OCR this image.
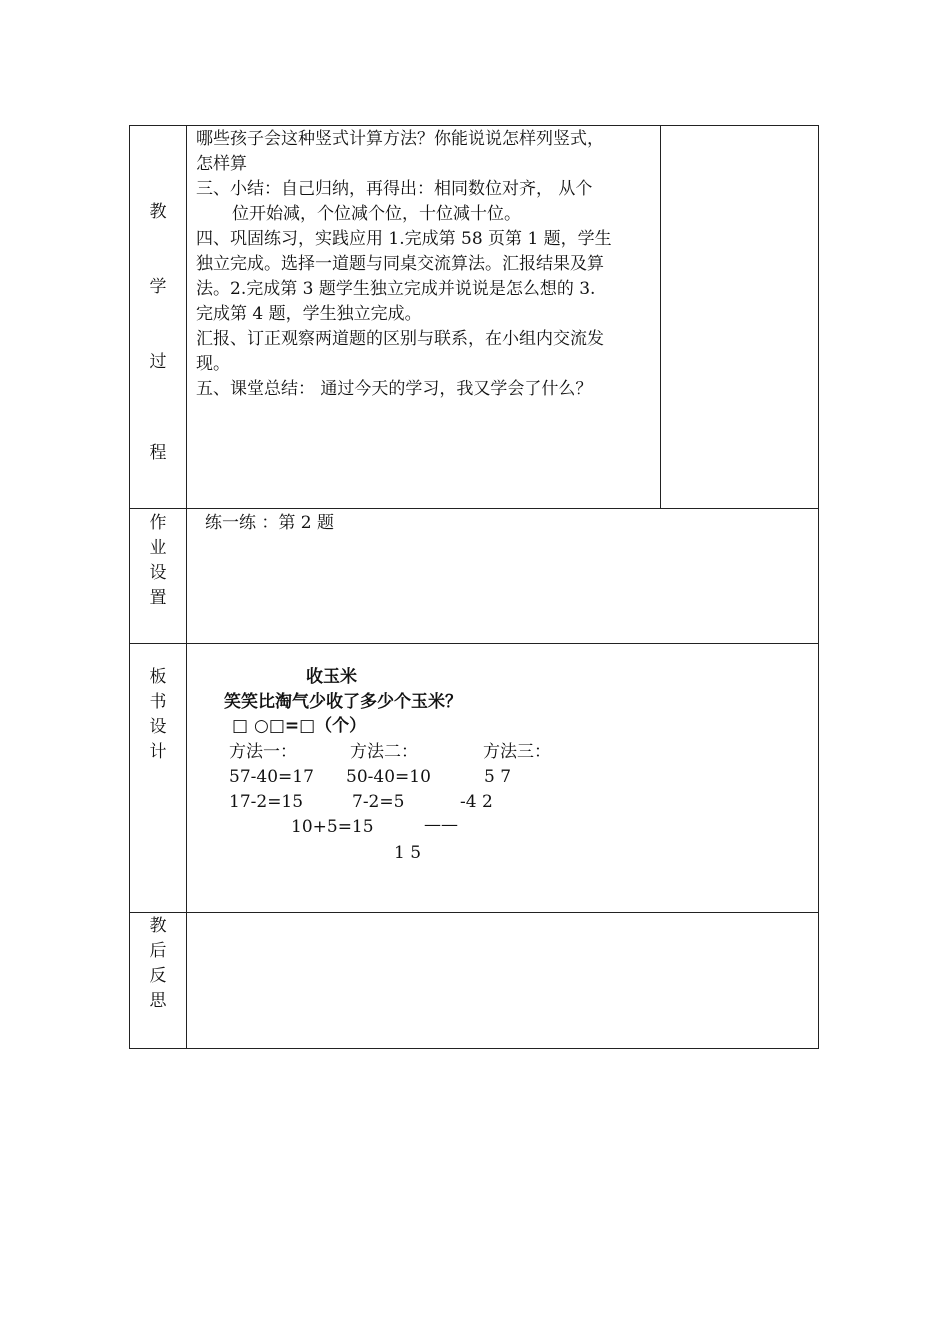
教
学
过
程
哪些孩子会这种竖式计算方法？你能说说怎样列竖式，
怎样算
三、小结：自己归纳，再得出：相同数位对齐， 从个
位开始减，个位减个位，十位减十位。
四、巩固练习，实践应用 1.完成第 58 页第 1 题，学生
独立完成。选择一道题与同桌交流算法。汇报结果及算
法。2.完成第 3 题学生独立完成并说说是怎么想的 3.
完成第 4 题，学生独立完成。
汇报、订正观察两道题的区别与联系，在小组内交流发
现。
五、课堂总结： 通过今天的学习，我又学会了什么？
作
业
设
置
练一练 ：第 2 题
板
书
设
计
收玉米
笑笑比淘气少收了多少个玉米？
□ ○□=□（个）
方法一：	方法二：	方法三：
57-40=17 50-40=10	5 7
17-2=15	7-2=5	-4 2
10+5=15	——
1 5
教
后
反
思
